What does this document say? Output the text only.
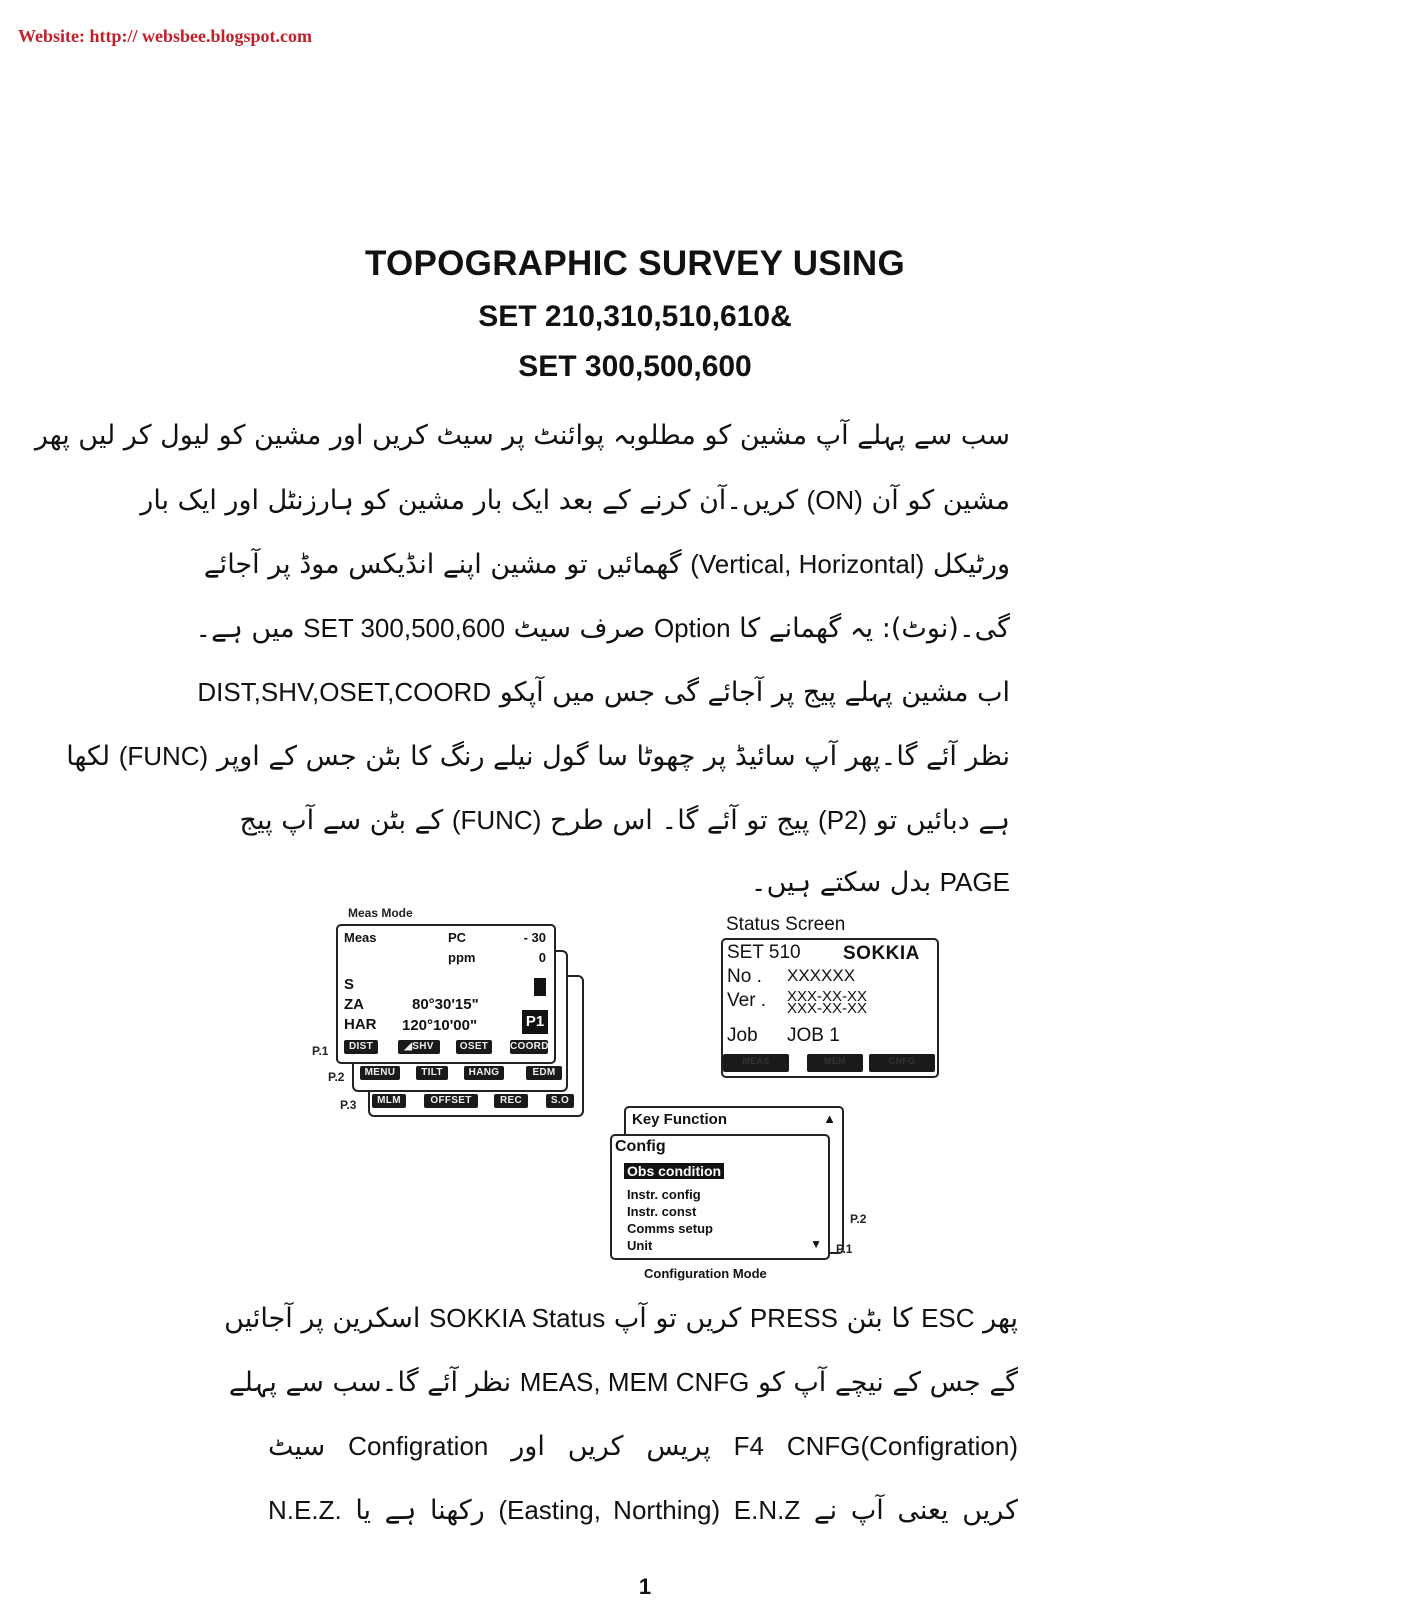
Website: http:// websbee.blogspot.com
TOPOGRAPHIC SURVEY USING
SET 210,310,510,610&
SET 300,500,600
سب سے پہلے آپ مشین کو مطلوبہ پوائنٹ پر سیٹ کریں اور مشین کو لیول کر لیں پھر
مشین کو آن (ON) کریں۔آن کرنے کے بعد ایک بار مشین کو ہارزنٹل اور ایک بار
ورٹیکل (Vertical, Horizontal) گھمائیں تو مشین اپنے انڈیکس موڈ پر آجائے
گی۔(نوٹ): یہ گھمانے کا Option صرف سیٹ SET 300,500,600 میں ہے۔
اب مشین پہلے پیج پر آجائے گی جس میں آپکو DIST,SHV,OSET,COORD
نظر آئے گا۔پھر آپ سائیڈ پر چھوٹا سا گول نیلے رنگ کا بٹن جس کے اوپر (FUNC) لکھا
ہے دبائیں تو (P2) پیج تو آئے گا۔ اس طرح (FUNC) کے بٹن سے آپ پیج
PAGE بدل سکتے ہیں۔
Meas Mode
Meas	PC	- 30
ppm	0
S
ZA	80°30'15"
HAR 120°10'00"	P1
DIST	◢SHV	OSET	COORD
P.1
MENU	TILT	HANG	EDM
P.2
MLM	OFFSET	REC	S.O
P.3
Status Screen
SET 510 SOKKIA
No . XXXXXX
Ver . XXX-XX-XX
XXX-XX-XX
Job JOB 1
MEAS	MEM	CNFG
Key Function	▲
P.2
Config
Obs condition
Instr. config
Instr. const
Comms setup
Unit	▼ P.1
Configuration Mode
پھر ESC کا بٹن PRESS کریں تو آپ SOKKIA Status اسکرین پر آجائیں
گے جس کے نیچے آپ کو MEAS, MEM CNFG نظر آئے گا۔سب سے پہلے
CNFG(Configration) F4 پریس کریں اور Configration سیٹ
کریں یعنی آپ نے E.N.Z (Easting, Northing) رکھنا ہے یا N.E.Z.
1
